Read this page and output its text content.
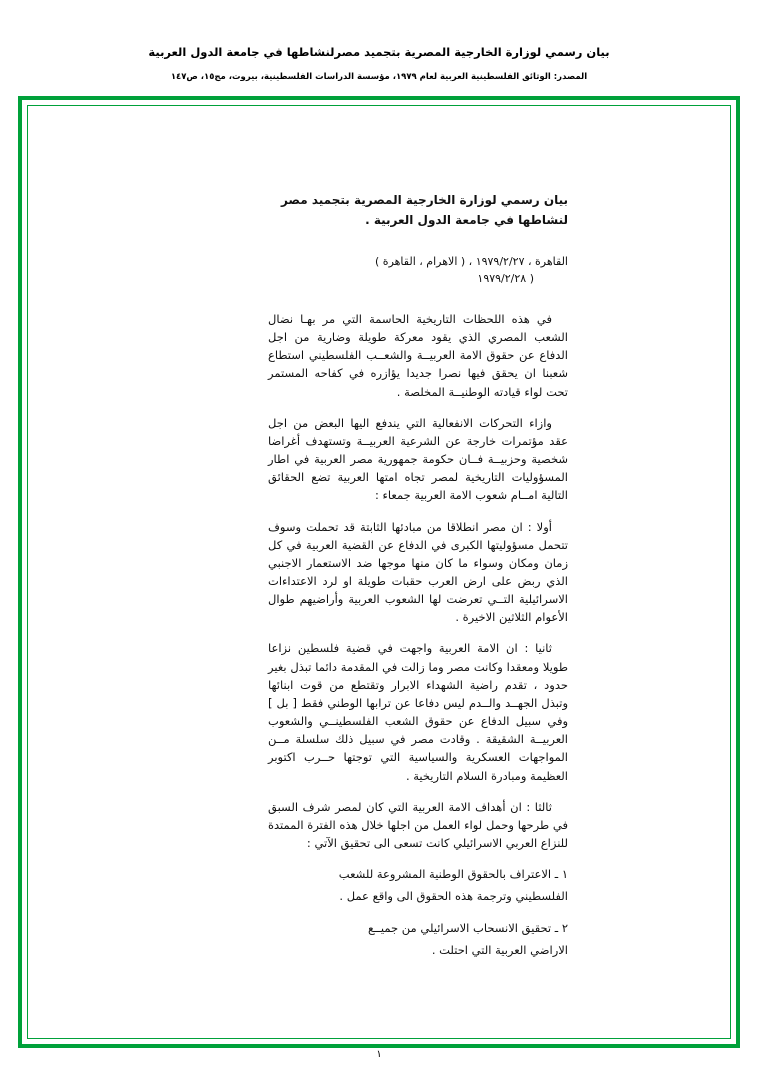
بيان رسمي لوزارة الخارجية المصرية بتجميد مصرلنشاطها في جامعة الدول العربية
المصدر: الوثائق الفلسطينية العربية لعام ١٩٧٩، مؤسسة الدراسات الفلسطينية، بيروت، مج١٥، ص١٤٧
بيان رسمي لوزارة الخارجية المصرية بتجميد مصر
لنشاطها في جامعة الدول العربية .
القاهرة ، ١٩٧٩/٢/٢٧ ، ( الاهرام ، القاهرة )
( ١٩٧٩/٢/٢٨

في هذه اللحظات التاريخية الحاسمة التي مر بهـا نضال الشعب المصري الذي يقود معركة طويلة وضارية من اجل الدفاع عن حقوق الامة العربيــة والشعــب الفلسطيني استطاع شعبنا ان يحقق فيها نصرا جديدا يؤازره في كفاحه المستمر تحت لواء قيادته الوطنيــة المخلصة .

وازاء التحركات الانفعالية التي يندفع اليها البعض من اجل عقد مؤتمرات خارجة عن الشرعية العربيــة وتستهدف أغراضا شخصية وحزبيــة فــان حكومة جمهورية مصر العربية في اطار المسؤوليات التاريخية لمصر تجاه امتها العربية تضع الحقائق التالية امــام شعوب الامة العربية جمعاء :

أولا : ان مصر انطلاقا من مبادئها الثابتة قد تحملت وسوف تتحمل مسؤوليتها الكبرى في الدفاع عن القضية العربية في كل زمان ومكان وسواء ما كان منها موجها ضد الاستعمار الاجنبي الذي ربض على ارض العرب حقبات طويلة او لرد الاعتداءات الاسرائيلية التــي تعرضت لها الشعوب العربية وأراضيهم طوال الأعوام الثلاثين الاخيرة .

ثانيا : ان الامة العربية واجهت في قضية فلسطين نزاعا طويلا ومعقدا وكانت مصر وما زالت في المقدمة دائما تبذل بغير حدود ، تقدم راضية الشهداء الابرار وتقتطع من قوت ابنائها وتبذل الجهــد والــدم ليس دفاعا عن ترابها الوطني فقط [ بل ] وفي سبيل الدفاع عن حقوق الشعب الفلسطينــي والشعوب العربيــة الشقيقة . وقادت مصر في سبيل ذلك سلسلة مــن المواجهات العسكرية والسياسية التي توجتها حــرب اكتوبر العظيمة ومبادرة السلام التاريخية .

ثالثا : ان أهداف الامة العربية التي كان لمصر شرف السبق في طرحها وحمل لواء العمل من اجلها خلال هذه الفترة الممتدة للنزاع العربي الاسرائيلي كانت تسعى الى تحقيق الآتي :

١ ـ الاعتراف بالحقوق الوطنية المشروعة للشعب

الفلسطيني وترجمة هذه الحقوق الى واقع عمل .

٢ ـ تحقيق الانسحاب الاسرائيلي من جميــع

الاراضي العربية التي احتلت .

١
